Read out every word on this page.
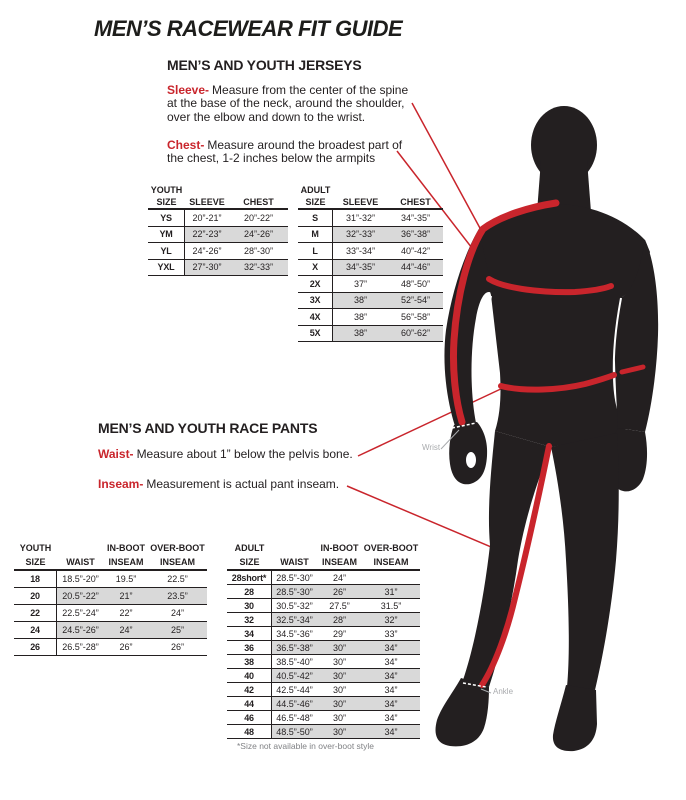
MEN’S RACEWEAR FIT GUIDE
MEN’S AND YOUTH JERSEYS

Sleeve- Measure from the center of the spine at the base of the neck, around the shoulder, over the elbow and down to the wrist.

Chest- Measure around the broadest part of the chest, 1-2 inches below the armpits

MEN’S AND YOUTH RACE PANTS

Waist- Measure about 1” below the pelvis bone.

Inseam- Measurement is actual pant inseam.

YOUTH
SIZE	SLEEVE	CHEST
YS	20”-21”	20”-22”
YM	22”-23”	24”-26”
YL	24”-26”	28”-30”
YXL	27”-30”	32”-33”
ADULT
SIZE	SLEEVE	CHEST
S	31”-32”	34”-35”
M	32”-33”	36”-38”
L	33”-34”	40”-42”
X	34”-35”	44”-46”
2X	37”	48”-50”
3X	38”	52”-54”
4X	38”	56”-58”
5X	38”	60”-62”
YOUTH	IN-BOOT OVER-BOOT
SIZE	WAIST	INSEAM	INSEAM
18	18.5”-20”	19.5”	22.5”
20	20.5”-22”	21”	23.5”
22	22.5”-24”	22”	24”
24	24.5”-26”	24”	25”
26	26.5”-28”	26”	26”
ADULT	IN-BOOT OVER-BOOT
SIZE	WAIST	INSEAM	INSEAM
28short*	28.5”-30”	24”
28	28.5”-30”	26”	31”
30	30.5”-32”	27.5”	31.5”
32	32.5”-34”	28”	32”
34	34.5”-36”	29”	33”
36	36.5”-38”	30”	34”
38	38.5”-40”	30”	34”
40	40.5”-42”	30”	34”
42	42.5”-44”	30”	34”
44	44.5”-46”	30”	34”
46	46.5”-48”	30”	34”
48	48.5”-50”	30”	34”
*Size not available in over-boot style
Wrist
Ankle
